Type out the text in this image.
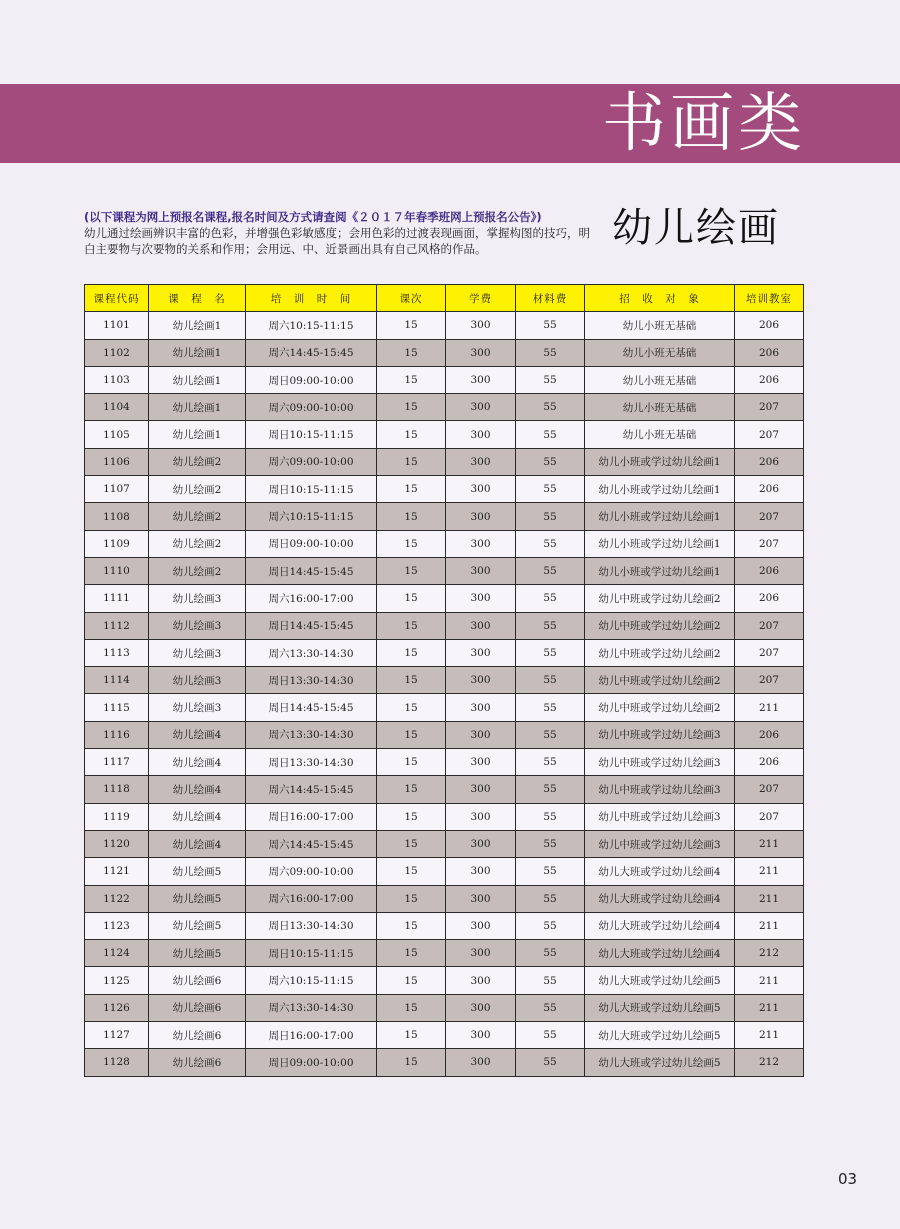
书画类
(以下课程为网上预报名课程,报名时间及方式请查阅《２０１７年春季班网上预报名公告》)
幼儿通过绘画辨识丰富的色彩，并增强色彩敏感度；会用色彩的过渡表现画面，掌握构图的技巧，明白主要物与次要物的关系和作用；会用远、中、近景画出具有自己风格的作品。	幼儿绘画
课程代码	课　程　名	培　训　时　间	课次	学费	材料费	招　收　对　象	培训教室
1101	幼儿绘画1	周六10:15-11:15	15	300	55	幼儿小班无基础	206
1102	幼儿绘画1	周六14:45-15:45	15	300	55	幼儿小班无基础	206
1103	幼儿绘画1	周日09:00-10:00	15	300	55	幼儿小班无基础	206
1104	幼儿绘画1	周六09:00-10:00	15	300	55	幼儿小班无基础	207
1105	幼儿绘画1	周日10:15-11:15	15	300	55	幼儿小班无基础	207
1106	幼儿绘画2	周六09:00-10:00	15	300	55	幼儿小班或学过幼儿绘画1	206
1107	幼儿绘画2	周日10:15-11:15	15	300	55	幼儿小班或学过幼儿绘画1	206
1108	幼儿绘画2	周六10:15-11:15	15	300	55	幼儿小班或学过幼儿绘画1	207
1109	幼儿绘画2	周日09:00-10:00	15	300	55	幼儿小班或学过幼儿绘画1	207
1110	幼儿绘画2	周日14:45-15:45	15	300	55	幼儿小班或学过幼儿绘画1	206
1111	幼儿绘画3	周六16:00-17:00	15	300	55	幼儿中班或学过幼儿绘画2	206
1112	幼儿绘画3	周日14:45-15:45	15	300	55	幼儿中班或学过幼儿绘画2	207
1113	幼儿绘画3	周六13:30-14:30	15	300	55	幼儿中班或学过幼儿绘画2	207
1114	幼儿绘画3	周日13:30-14:30	15	300	55	幼儿中班或学过幼儿绘画2	207
1115	幼儿绘画3	周日14:45-15:45	15	300	55	幼儿中班或学过幼儿绘画2	211
1116	幼儿绘画4	周六13:30-14:30	15	300	55	幼儿中班或学过幼儿绘画3	206
1117	幼儿绘画4	周日13:30-14:30	15	300	55	幼儿中班或学过幼儿绘画3	206
1118	幼儿绘画4	周六14:45-15:45	15	300	55	幼儿中班或学过幼儿绘画3	207
1119	幼儿绘画4	周日16:00-17:00	15	300	55	幼儿中班或学过幼儿绘画3	207
1120	幼儿绘画4	周六14:45-15:45	15	300	55	幼儿中班或学过幼儿绘画3	211
1121	幼儿绘画5	周六09:00-10:00	15	300	55	幼儿大班或学过幼儿绘画4	211
1122	幼儿绘画5	周六16:00-17:00	15	300	55	幼儿大班或学过幼儿绘画4	211
1123	幼儿绘画5	周日13:30-14:30	15	300	55	幼儿大班或学过幼儿绘画4	211
1124	幼儿绘画5	周日10:15-11:15	15	300	55	幼儿大班或学过幼儿绘画4	212
1125	幼儿绘画6	周六10:15-11:15	15	300	55	幼儿大班或学过幼儿绘画5	211
1126	幼儿绘画6	周六13:30-14:30	15	300	55	幼儿大班或学过幼儿绘画5	211
1127	幼儿绘画6	周日16:00-17:00	15	300	55	幼儿大班或学过幼儿绘画5	211
1128	幼儿绘画6	周日09:00-10:00	15	300	55	幼儿大班或学过幼儿绘画5	212
03
